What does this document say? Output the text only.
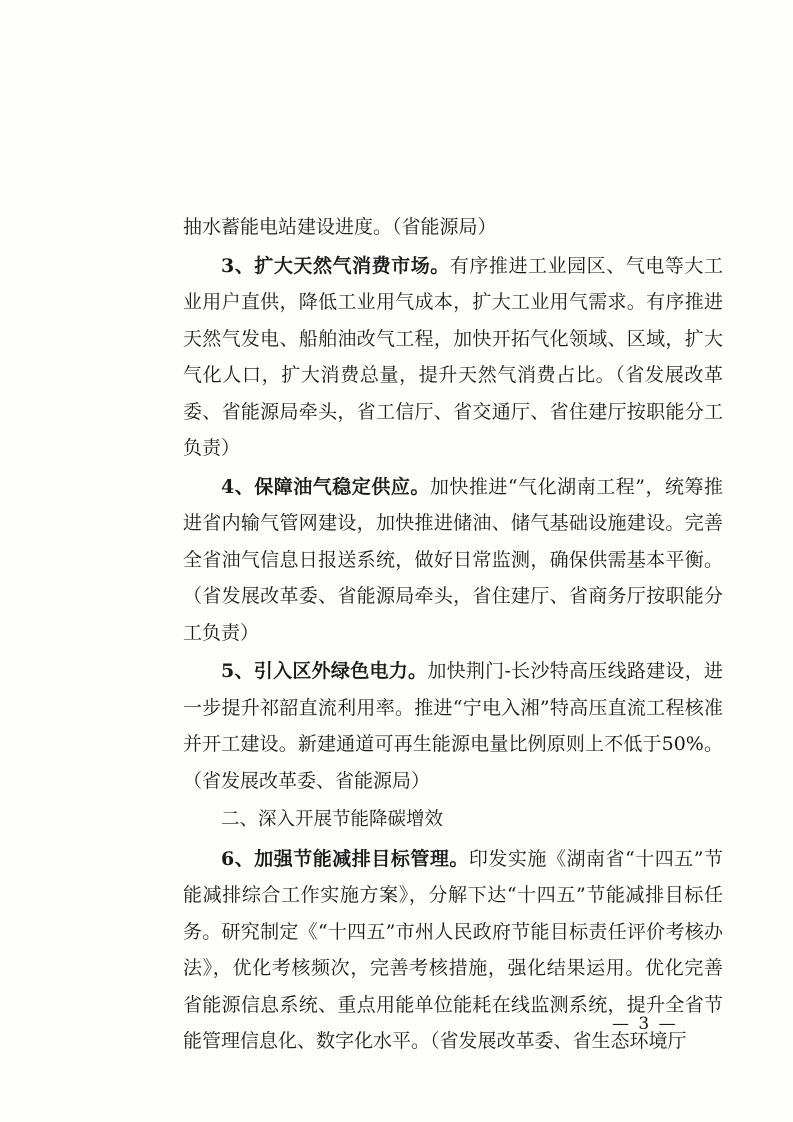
抽水蓄能电站建设进度。（省能源局）

3、扩大天然气消费市场。有序推进工业园区、气电等大工业用户直供，降低工业用气成本，扩大工业用气需求。有序推进天然气发电、船舶油改气工程，加快开拓气化领域、区域，扩大气化人口，扩大消费总量，提升天然气消费占比。（省发展改革委、省能源局牵头，省工信厅、省交通厅、省住建厅按职能分工负责）

4、保障油气稳定供应。加快推进“气化湖南工程”，统筹推进省内输气管网建设，加快推进储油、储气基础设施建设。完善全省油气信息日报送系统，做好日常监测，确保供需基本平衡。（省发展改革委、省能源局牵头，省住建厅、省商务厅按职能分工负责）

5、引入区外绿色电力。加快荆门-长沙特高压线路建设，进一步提升祁韶直流利用率。推进“宁电入湘”特高压直流工程核准并开工建设。新建通道可再生能源电量比例原则上不低于50%。（省发展改革委、省能源局）

二、深入开展节能降碳增效

6、加强节能减排目标管理。印发实施《湖南省“十四五”节能减排综合工作实施方案》，分解下达“十四五”节能减排目标任务。研究制定《“十四五”市州人民政府节能目标责任评价考核办法》，优化考核频次，完善考核措施，强化结果运用。优化完善省能源信息系统、重点用能单位能耗在线监测系统，提升全省节能管理信息化、数字化水平。（省发展改革委、省生态环境厅

— 3 —
